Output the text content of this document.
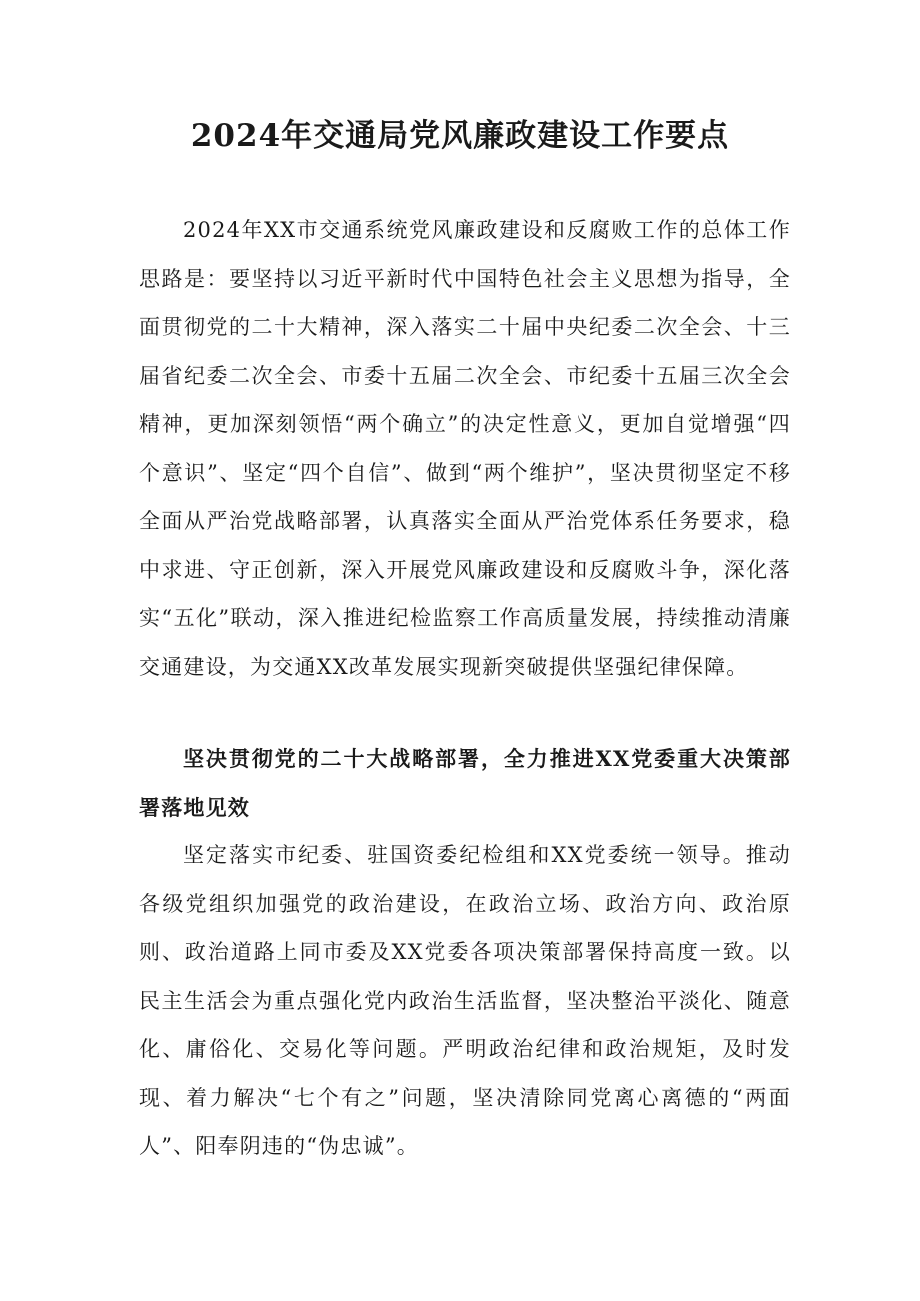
2024年交通局党风廉政建设工作要点

2024年XX市交通系统党风廉政建设和反腐败工作的总体工作思路是：要坚持以习近平新时代中国特色社会主义思想为指导，全面贯彻党的二十大精神，深入落实二十届中央纪委二次全会、十三届省纪委二次全会、市委十五届二次全会、市纪委十五届三次全会精神，更加深刻领悟“两个确立”的决定性意义，更加自觉增强“四个意识”、坚定“四个自信”、做到“两个维护”，坚决贯彻坚定不移全面从严治党战略部署，认真落实全面从严治党体系任务要求，稳中求进、守正创新，深入开展党风廉政建设和反腐败斗争，深化落实“五化”联动，深入推进纪检监察工作高质量发展，持续推动清廉交通建设，为交通XX改革发展实现新突破提供坚强纪律保障。

坚决贯彻党的二十大战略部署，全力推进XX党委重大决策部署落地见效

坚定落实市纪委、驻国资委纪检组和XX党委统一领导。推动各级党组织加强党的政治建设，在政治立场、政治方向、政治原则、政治道路上同市委及XX党委各项决策部署保持高度一致。以民主生活会为重点强化党内政治生活监督，坚决整治平淡化、随意化、庸俗化、交易化等问题。严明政治纪律和政治规矩，及时发现、着力解决“七个有之”问题，坚决清除同党离心离德的“两面人”、阳奉阴违的“伪忠诚”。
